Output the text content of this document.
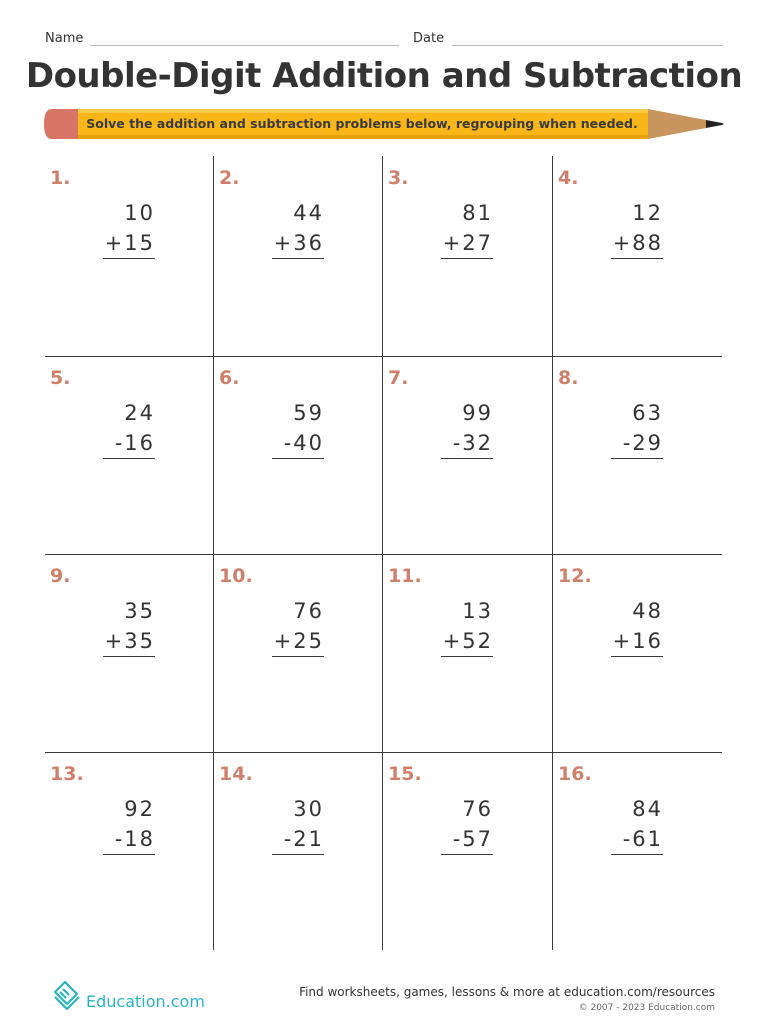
Name	Date
Double-Digit Addition and Subtraction
Solve the addition and subtraction problems below, regrouping when needed.
1.
10
+15
2.
44
+36
3.
81
+27
4.
12
+88
5.
24
-16
6.
59
-40
7.
99
-32
8.
63
-29
9.
35
+35
10.
76
+25
11.
13
+52
12.
48
+16
13.
92
-18
14.
30
-21
15.
76
-57
16.
84
-61
Education.com	Find worksheets, games, lessons & more at education.com/resources
© 2007 - 2023 Education.com
